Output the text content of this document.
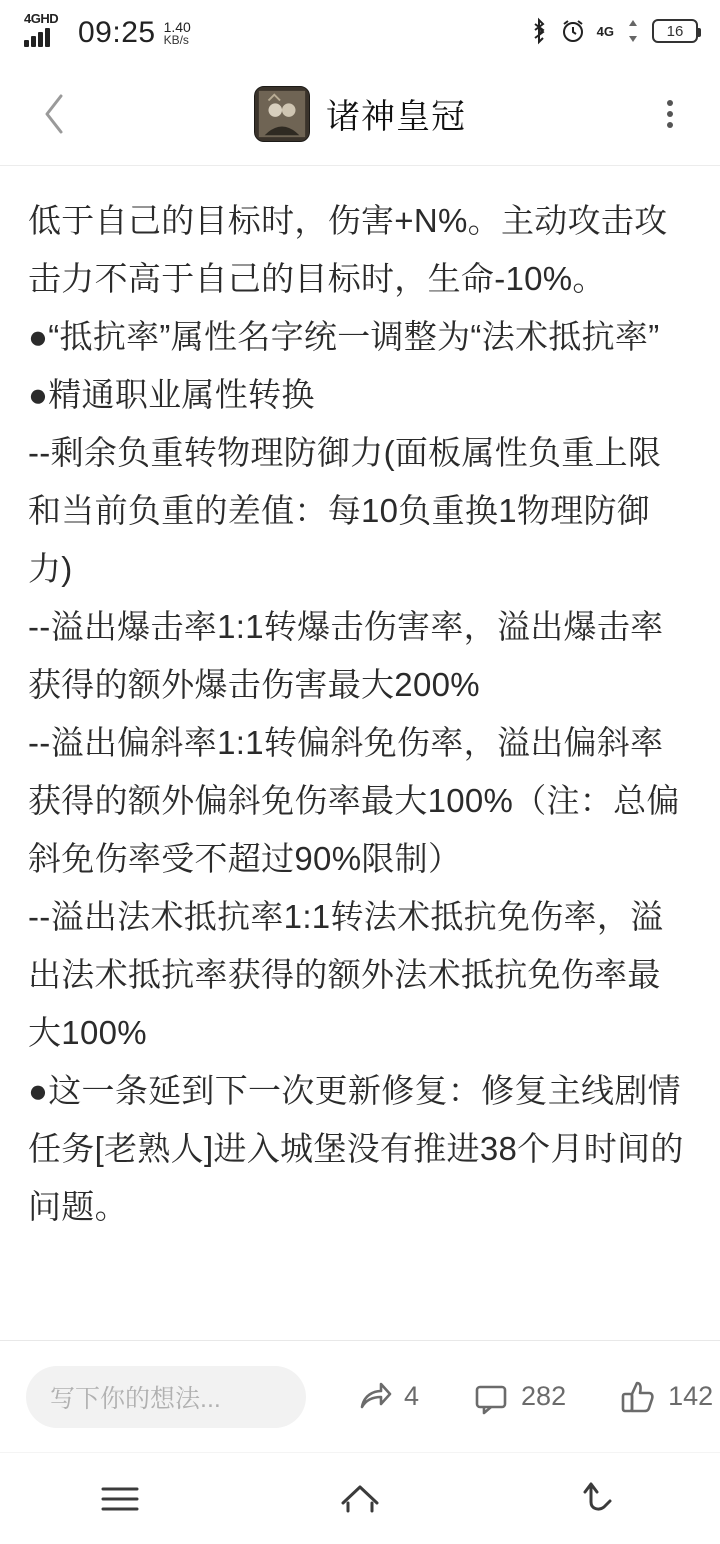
4GHD 09:25 1.40
KB/s
4G	16
诸神皇冠

低于自己的目标时，伤害+N%。主动攻击攻击力不高于自己的目标时，生命-10%。

●“抵抗率”属性名字统一调整为“法术抵抗率”

●精通职业属性转换

--剩余负重转物理防御力(面板属性负重上限和当前负重的差值：每10负重换1物理防御力)

--溢出爆击率1:1转爆击伤害率，溢出爆击率获得的额外爆击伤害最大200%

--溢出偏斜率1:1转偏斜免伤率，溢出偏斜率获得的额外偏斜免伤率最大100%（注：总偏斜免伤率受不超过90%限制）

--溢出法术抵抗率1:1转法术抵抗免伤率，溢出法术抵抗率获得的额外法术抵抗免伤率最大100%

●这一条延到下一次更新修复：修复主线剧情任务[老熟人]进入城堡没有推进38个月时间的问题。

写下你的想法...	4	282	142
